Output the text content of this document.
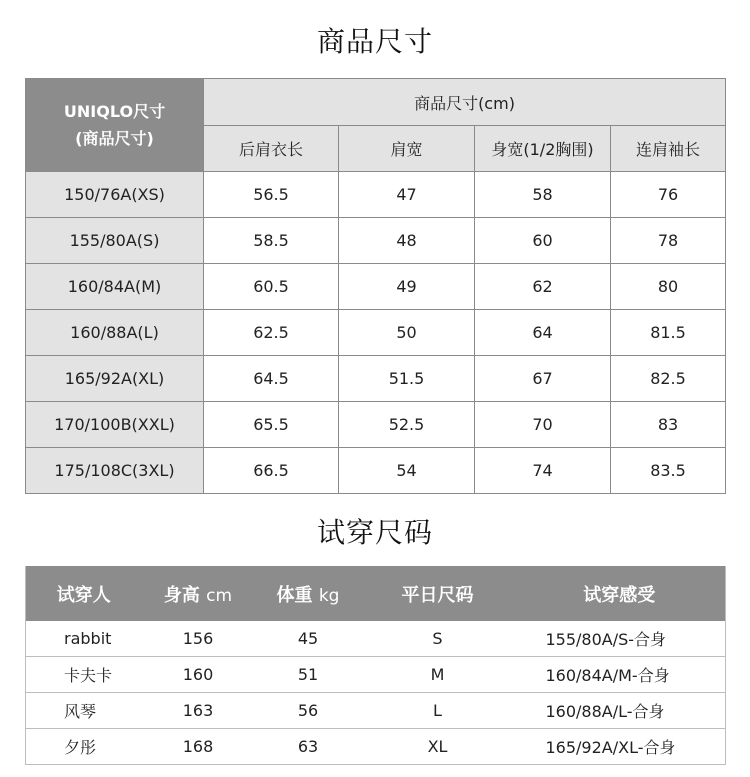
商品尺寸
UNIQLO尺寸
(商品尺寸)	商品尺寸(cm)			
	后肩衣长	肩宽	身宽(1/2胸围)	连肩袖长
150/76A(XS)	56.5	47	58	76
155/80A(S)	58.5	48	60	78
160/84A(M)	60.5	49	62	80
160/88A(L)	62.5	50	64	81.5
165/92A(XL)	64.5	51.5	67	82.5
170/100B(XXL)	65.5	52.5	70	83
175/108C(3XL)	66.5	54	74	83.5
试穿尺码
试穿人	身高 cm	体重 kg	平日尺码	试穿感受
rabbit	156	45	S	155/80A/S-合身
卡夫卡	160	51	M	160/84A/M-合身
风琴	163	56	L	160/88A/L-合身
夕彤	168	63	XL	165/92A/XL-合身
